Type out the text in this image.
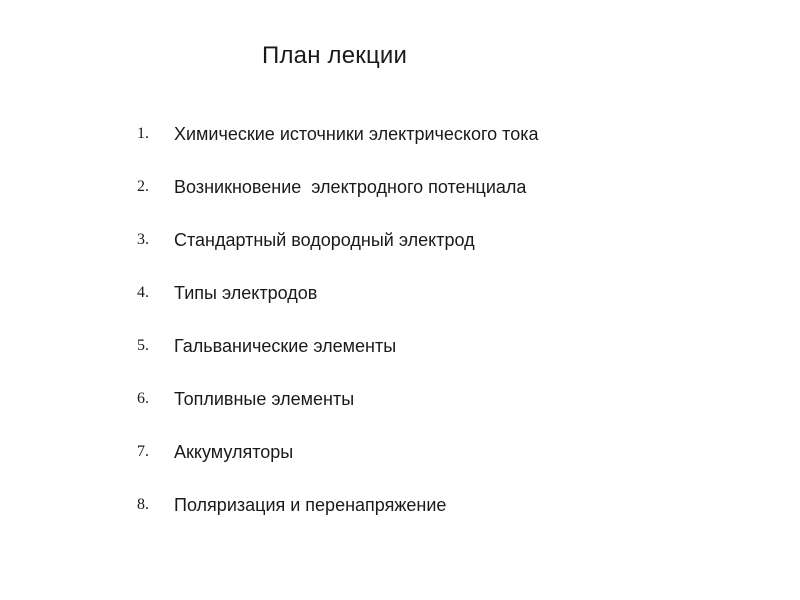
План лекции
1. Химические источники электрического тока
2. Возникновение  электродного потенциала
3. Стандартный водородный электрод
4. Типы электродов
5. Гальванические элементы
6. Топливные элементы
7. Аккумуляторы
8. Поляризация и перенапряжение
